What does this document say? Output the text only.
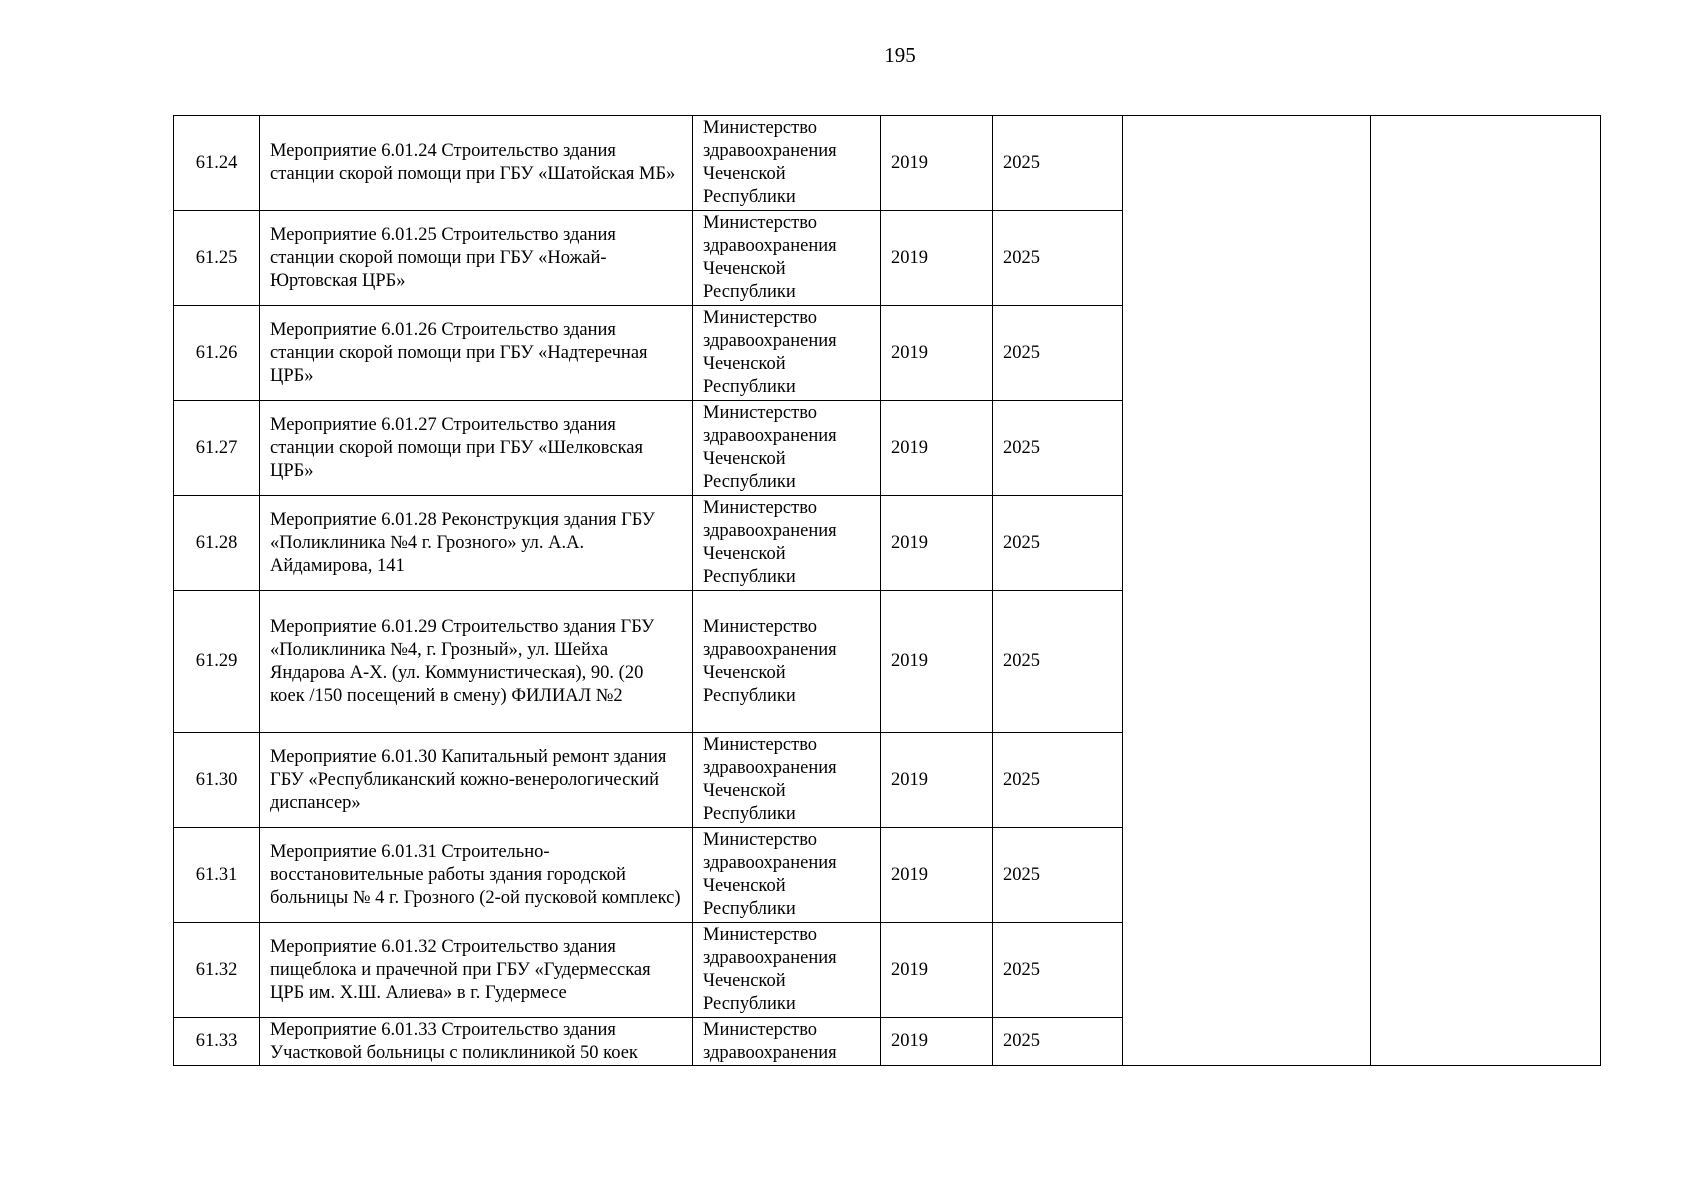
195
61.24	Мероприятие 6.01.24 Строительство здания станции скорой помощи при ГБУ «Шатойская МБ»	Министерство здравоохранения Чеченской Республики	2019	2025		
61.25	Мероприятие 6.01.25 Строительство здания станции скорой помощи при ГБУ «Ножай-Юртовская ЦРБ»	Министерство здравоохранения Чеченской Республики	2019	2025		
61.26	Мероприятие 6.01.26 Строительство здания станции скорой помощи при ГБУ «Надтеречная ЦРБ»	Министерство здравоохранения Чеченской Республики	2019	2025		
61.27	Мероприятие 6.01.27 Строительство здания станции скорой помощи при ГБУ «Шелковская ЦРБ»	Министерство здравоохранения Чеченской Республики	2019	2025		
61.28	Мероприятие 6.01.28 Реконструкция здания ГБУ «Поликлиника №4 г. Грозного» ул. А.А. Айдамирова, 141	Министерство здравоохранения Чеченской Республики	2019	2025		
61.29	Мероприятие 6.01.29 Строительство здания ГБУ «Поликлиника №4, г. Грозный», ул. Шейха Яндарова А-Х. (ул. Коммунистическая), 90. (20 коек /150 посещений в смену) ФИЛИАЛ №2	Министерство здравоохранения Чеченской Республики	2019	2025		
61.30	Мероприятие 6.01.30 Капитальный ремонт здания ГБУ «Республиканский кожно-венерологический диспансер»	Министерство здравоохранения Чеченской Республики	2019	2025		
61.31	Мероприятие 6.01.31 Строительно-восстановительные работы здания городской больницы № 4 г. Грозного (2-ой пусковой комплекс)	Министерство здравоохранения Чеченской Республики	2019	2025		
61.32	Мероприятие 6.01.32 Строительство здания пищеблока и прачечной при ГБУ «Гудермесская ЦРБ им. Х.Ш. Алиева» в г. Гудермесе	Министерство здравоохранения Чеченской Республики	2019	2025		
61.33	Мероприятие 6.01.33 Строительство здания Участковой больницы с поликлиникой 50 коек	Министерство здравоохранения	2019	2025		
